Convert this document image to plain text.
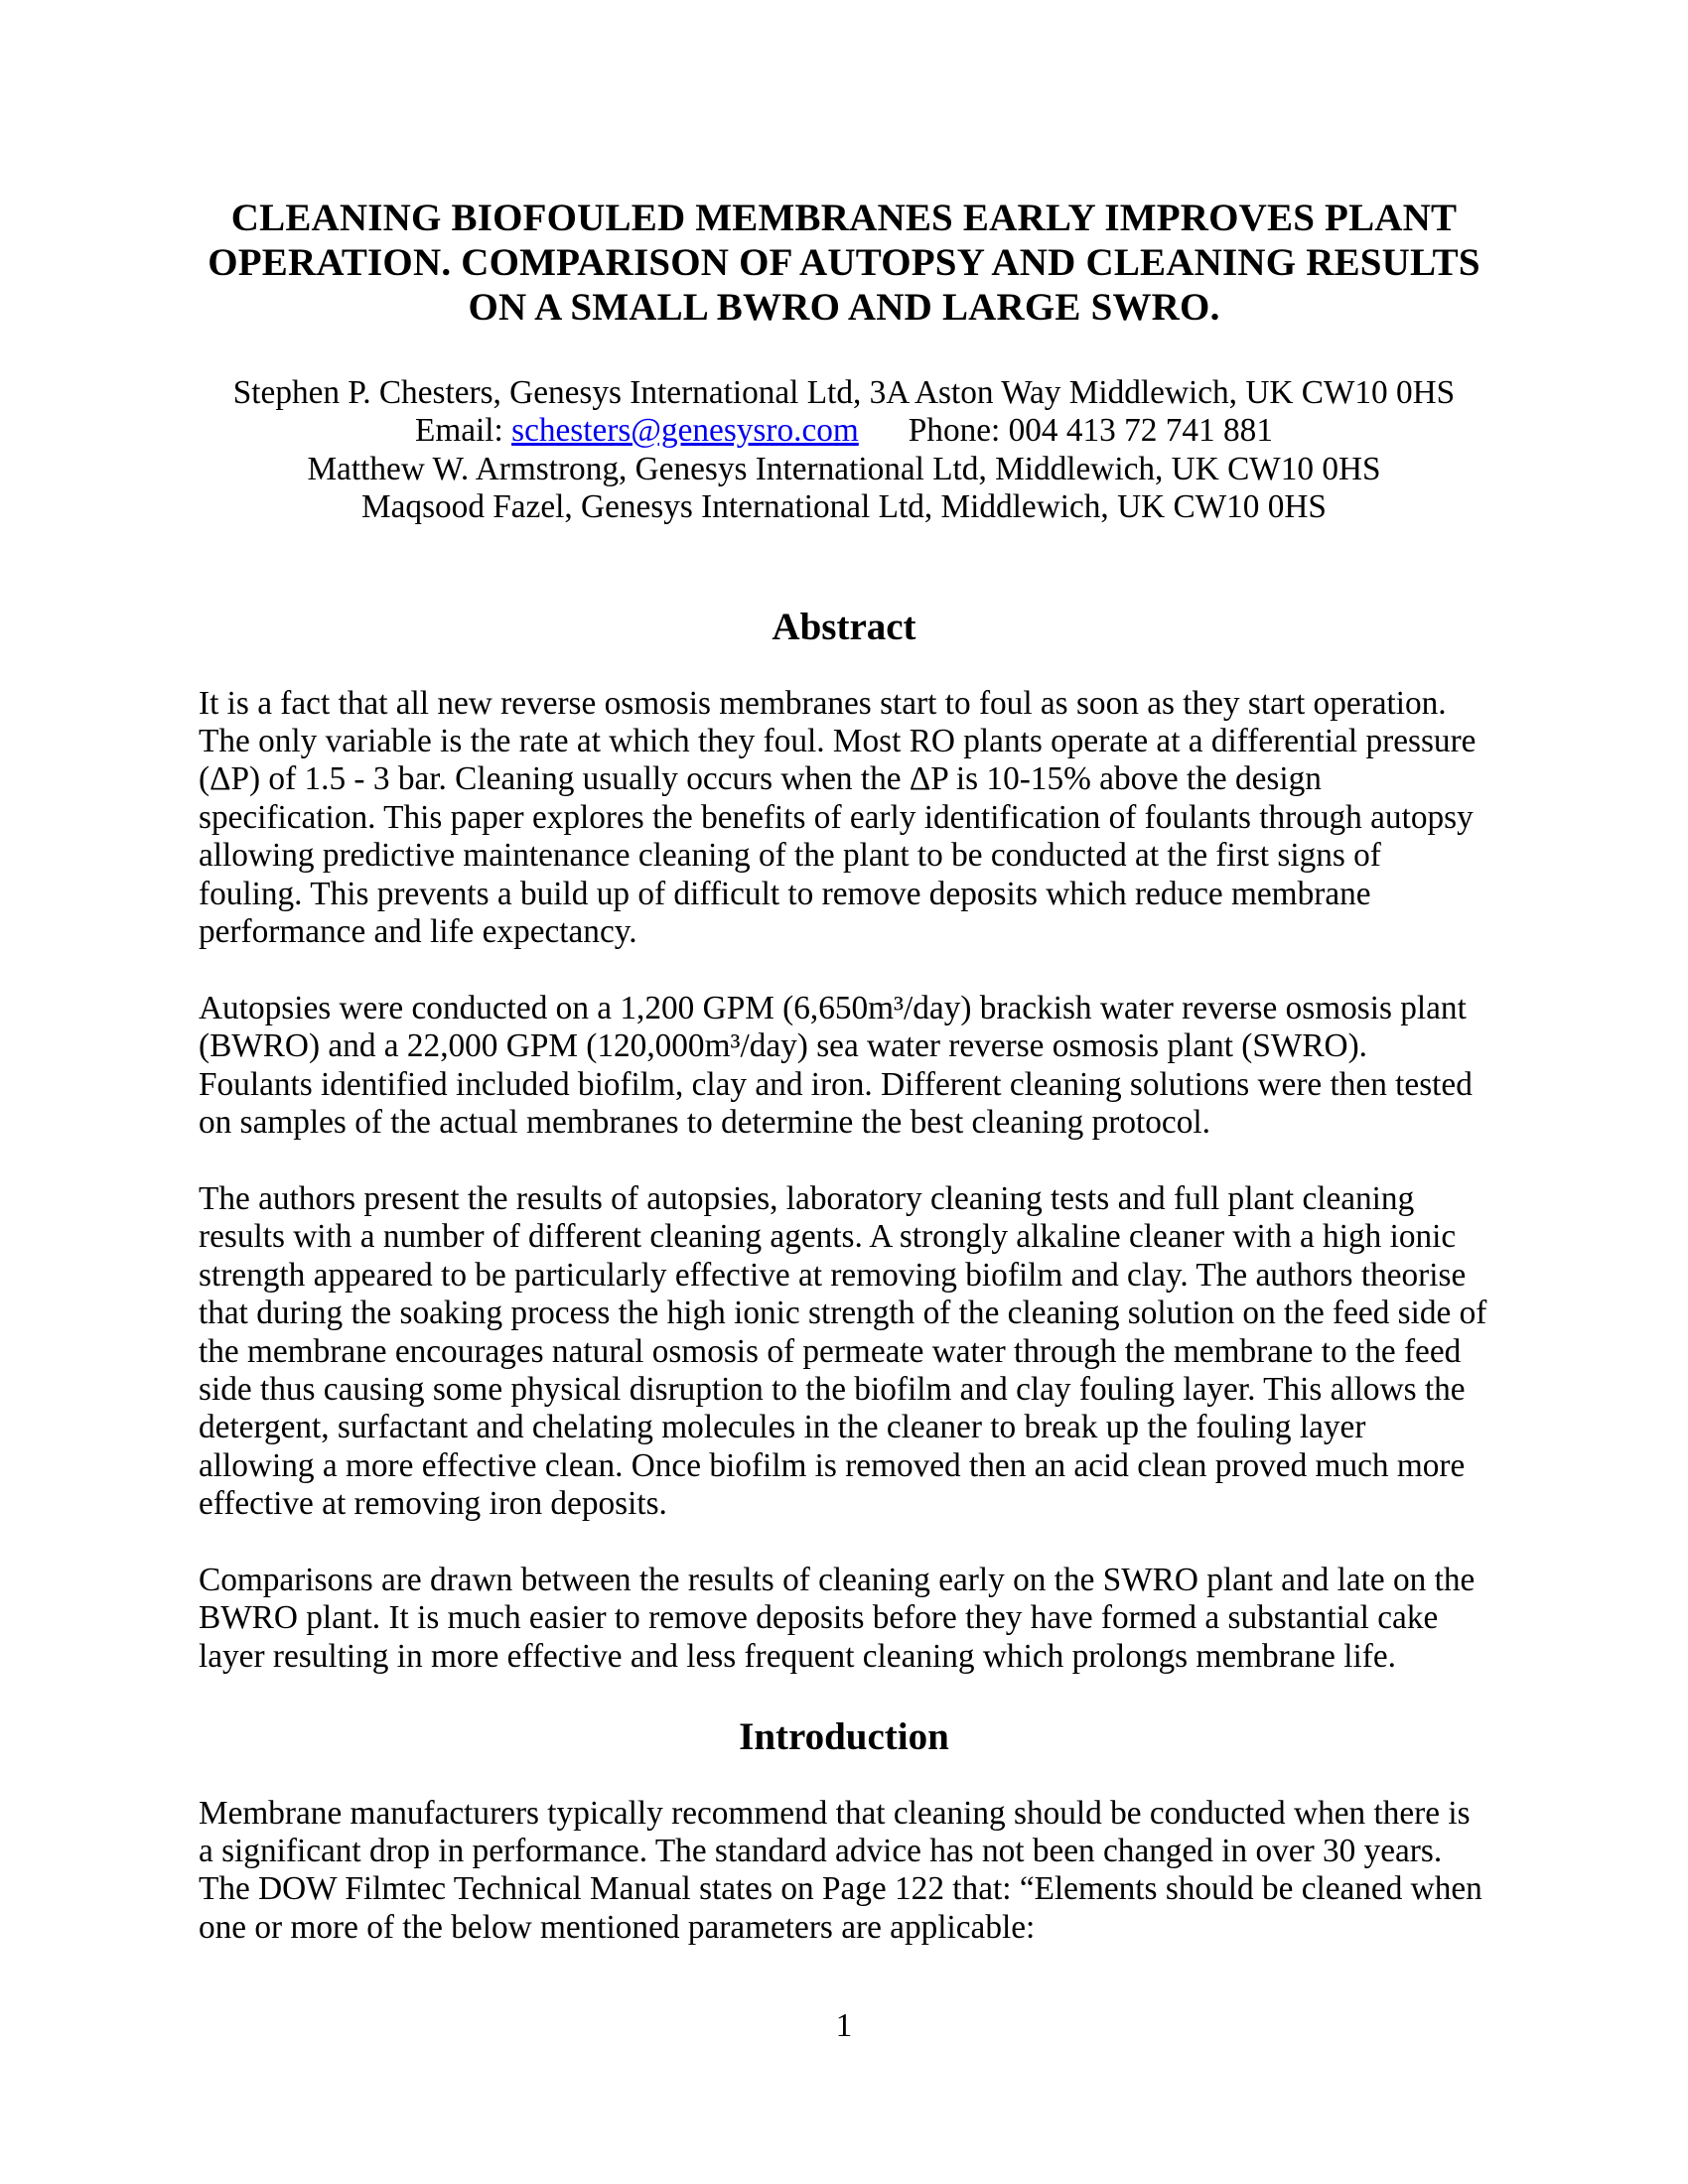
CLEANING BIOFOULED MEMBRANES EARLY IMPROVES PLANT
OPERATION. COMPARISON OF AUTOPSY AND CLEANING RESULTS
ON A SMALL BWRO AND LARGE SWRO.
Stephen P. Chesters, Genesys International Ltd, 3A Aston Way Middlewich, UK CW10 0HS
Email: schesters@genesysro.com Phone: 004 413 72 741 881
Matthew W. Armstrong, Genesys International Ltd, Middlewich, UK CW10 0HS
Maqsood Fazel, Genesys International Ltd, Middlewich, UK CW10 0HS
Abstract

It is a fact that all new reverse osmosis membranes start to foul as soon as they start operation. The only variable is the rate at which they foul. Most RO plants operate at a differential pressure (ΔP) of 1.5 - 3 bar. Cleaning usually occurs when the ΔP is 10-15% above the design specification. This paper explores the benefits of early identification of foulants through autopsy allowing predictive maintenance cleaning of the plant to be conducted at the first signs of fouling. This prevents a build up of difficult to remove deposits which reduce membrane performance and life expectancy.

Autopsies were conducted on a 1,200 GPM (6,650m³/day) brackish water reverse osmosis plant (BWRO) and a 22,000 GPM (120,000m³/day) sea water reverse osmosis plant (SWRO). Foulants identified included biofilm, clay and iron. Different cleaning solutions were then tested on samples of the actual membranes to determine the best cleaning protocol.

The authors present the results of autopsies, laboratory cleaning tests and full plant cleaning results with a number of different cleaning agents. A strongly alkaline cleaner with a high ionic strength appeared to be particularly effective at removing biofilm and clay. The authors theorise that during the soaking process the high ionic strength of the cleaning solution on the feed side of the membrane encourages natural osmosis of permeate water through the membrane to the feed side thus causing some physical disruption to the biofilm and clay fouling layer. This allows the detergent, surfactant and chelating molecules in the cleaner to break up the fouling layer allowing a more effective clean. Once biofilm is removed then an acid clean proved much more effective at removing iron deposits.

Comparisons are drawn between the results of cleaning early on the SWRO plant and late on the BWRO plant. It is much easier to remove deposits before they have formed a substantial cake layer resulting in more effective and less frequent cleaning which prolongs membrane life.

Introduction

Membrane manufacturers typically recommend that cleaning should be conducted when there is a significant drop in performance. The standard advice has not been changed in over 30 years. The DOW Filmtec Technical Manual states on Page 122 that: “Elements should be cleaned when one or more of the below mentioned parameters are applicable:

1
